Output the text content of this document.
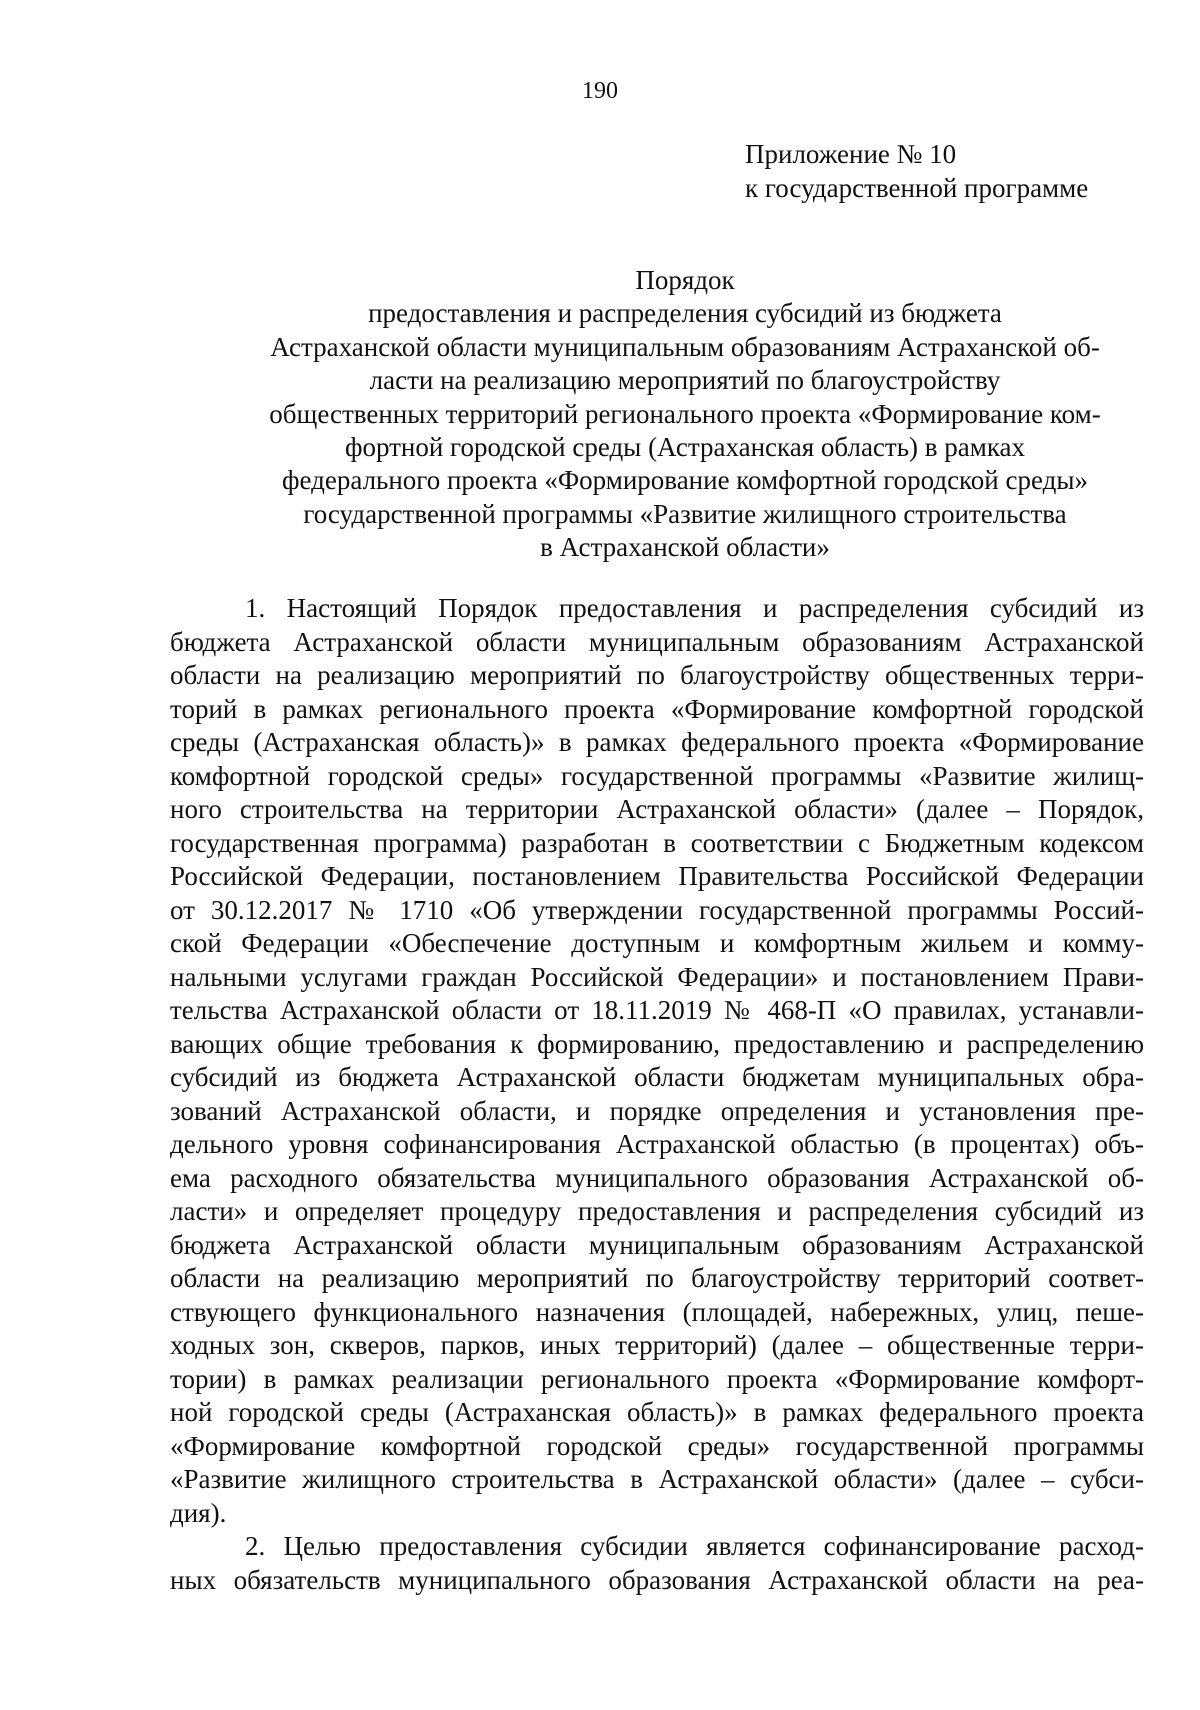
190
Приложение № 10
к государственной программе
Порядок
предоставления и распределения субсидий из бюджета
Астраханской области муниципальным образованиям Астраханской об-
ласти на реализацию мероприятий по благоустройству
общественных территорий регионального проекта «Формирование ком-
фортной городской среды (Астраханская область) в рамках
федерального проекта «Формирование комфортной городской среды»
государственной программы «Развитие жилищного строительства
в Астраханской области»
1. Настоящий Порядок предоставления и распределения субсидий из
бюджета Астраханской области муниципальным образованиям Астраханской
области на реализацию мероприятий по благоустройству общественных терри-
торий в рамках регионального проекта «Формирование комфортной городской
среды (Астраханская область)» в рамках федерального проекта «Формирование
комфортной городской среды» государственной программы «Развитие жилищ-
ного строительства на территории Астраханской области» (далее – Порядок,
государственная программа) разработан в соответствии с Бюджетным кодексом
Российской Федерации, постановлением Правительства Российской Федерации
от 30.12.2017 № 1710 «Об утверждении государственной программы Россий-
ской Федерации «Обеспечение доступным и комфортным жильем и комму-
нальными услугами граждан Российской Федерации» и постановлением Прави-
тельства Астраханской области от 18.11.2019 № 468-П «О правилах, устанавли-
вающих общие требования к формированию, предоставлению и распределению
субсидий из бюджета Астраханской области бюджетам муниципальных обра-
зований Астраханской области, и порядке определения и установления пре-
дельного уровня софинансирования Астраханской областью (в процентах) объ-
ема расходного обязательства муниципального образования Астраханской об-
ласти» и определяет процедуру предоставления и распределения субсидий из
бюджета Астраханской области муниципальным образованиям Астраханской
области на реализацию мероприятий по благоустройству территорий соответ-
ствующего функционального назначения (площадей, набережных, улиц, пеше-
ходных зон, скверов, парков, иных территорий) (далее – общественные терри-
тории) в рамках реализации регионального проекта «Формирование комфорт-
ной городской среды (Астраханская область)» в рамках федерального проекта
«Формирование комфортной городской среды» государственной программы
«Развитие жилищного строительства в Астраханской области» (далее – субси-
дия).
2. Целью предоставления субсидии является софинансирование расход-
ных обязательств муниципального образования Астраханской области на реа-
